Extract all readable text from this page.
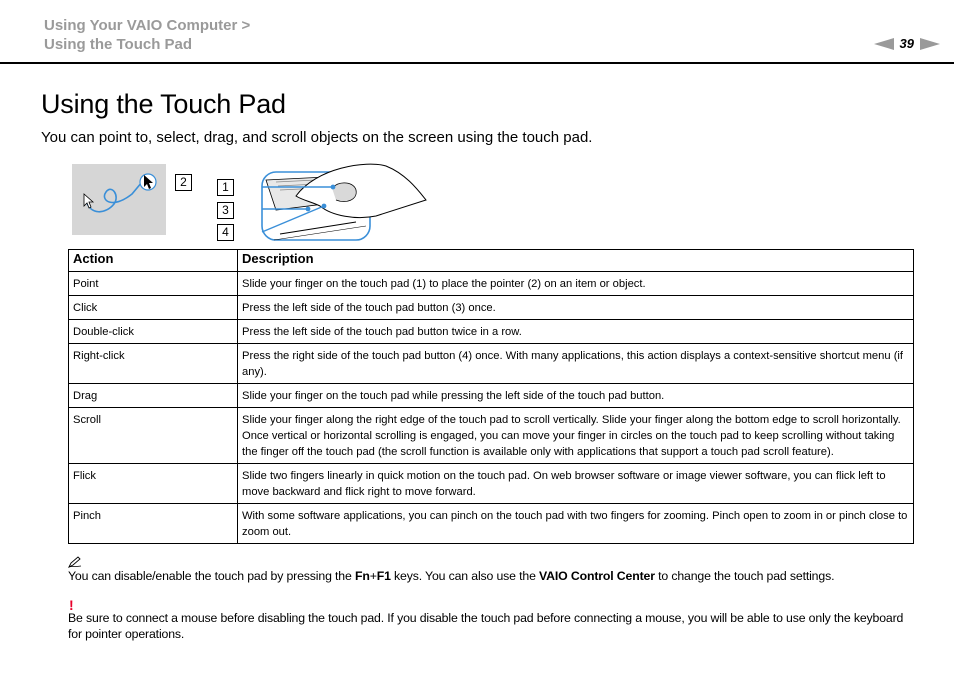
Using Your VAIO Computer >
Using the Touch Pad	39
Using the Touch Pad

You can point to, select, drag, and scroll objects on the screen using the touch pad.

2	1
3
4
Action	Description
Point	Slide your finger on the touch pad (1) to place the pointer (2) on an item or object.
Click	Press the left side of the touch pad button (3) once.
Double-click	Press the left side of the touch pad button twice in a row.
Right-click	Press the right side of the touch pad button (4) once. With many applications, this action displays a context-sensitive shortcut menu (if any).
Drag	Slide your finger on the touch pad while pressing the left side of the touch pad button.
Scroll	Slide your finger along the right edge of the touch pad to scroll vertically. Slide your finger along the bottom edge to scroll horizontally. Once vertical or horizontal scrolling is engaged, you can move your finger in circles on the touch pad to keep scrolling without taking the finger off the touch pad (the scroll function is available only with applications that support a touch pad scroll feature).
Flick	Slide two fingers linearly in quick motion on the touch pad. On web browser software or image viewer software, you can flick left to move backward and flick right to move forward.
Pinch	With some software applications, you can pinch on the touch pad with two fingers for zooming. Pinch open to zoom in or pinch close to zoom out.
You can disable/enable the touch pad by pressing the Fn+F1 keys. You can also use the VAIO Control Center to change the touch pad settings.
!
Be sure to connect a mouse before disabling the touch pad. If you disable the touch pad before connecting a mouse, you will be able to use only the keyboard for pointer operations.
